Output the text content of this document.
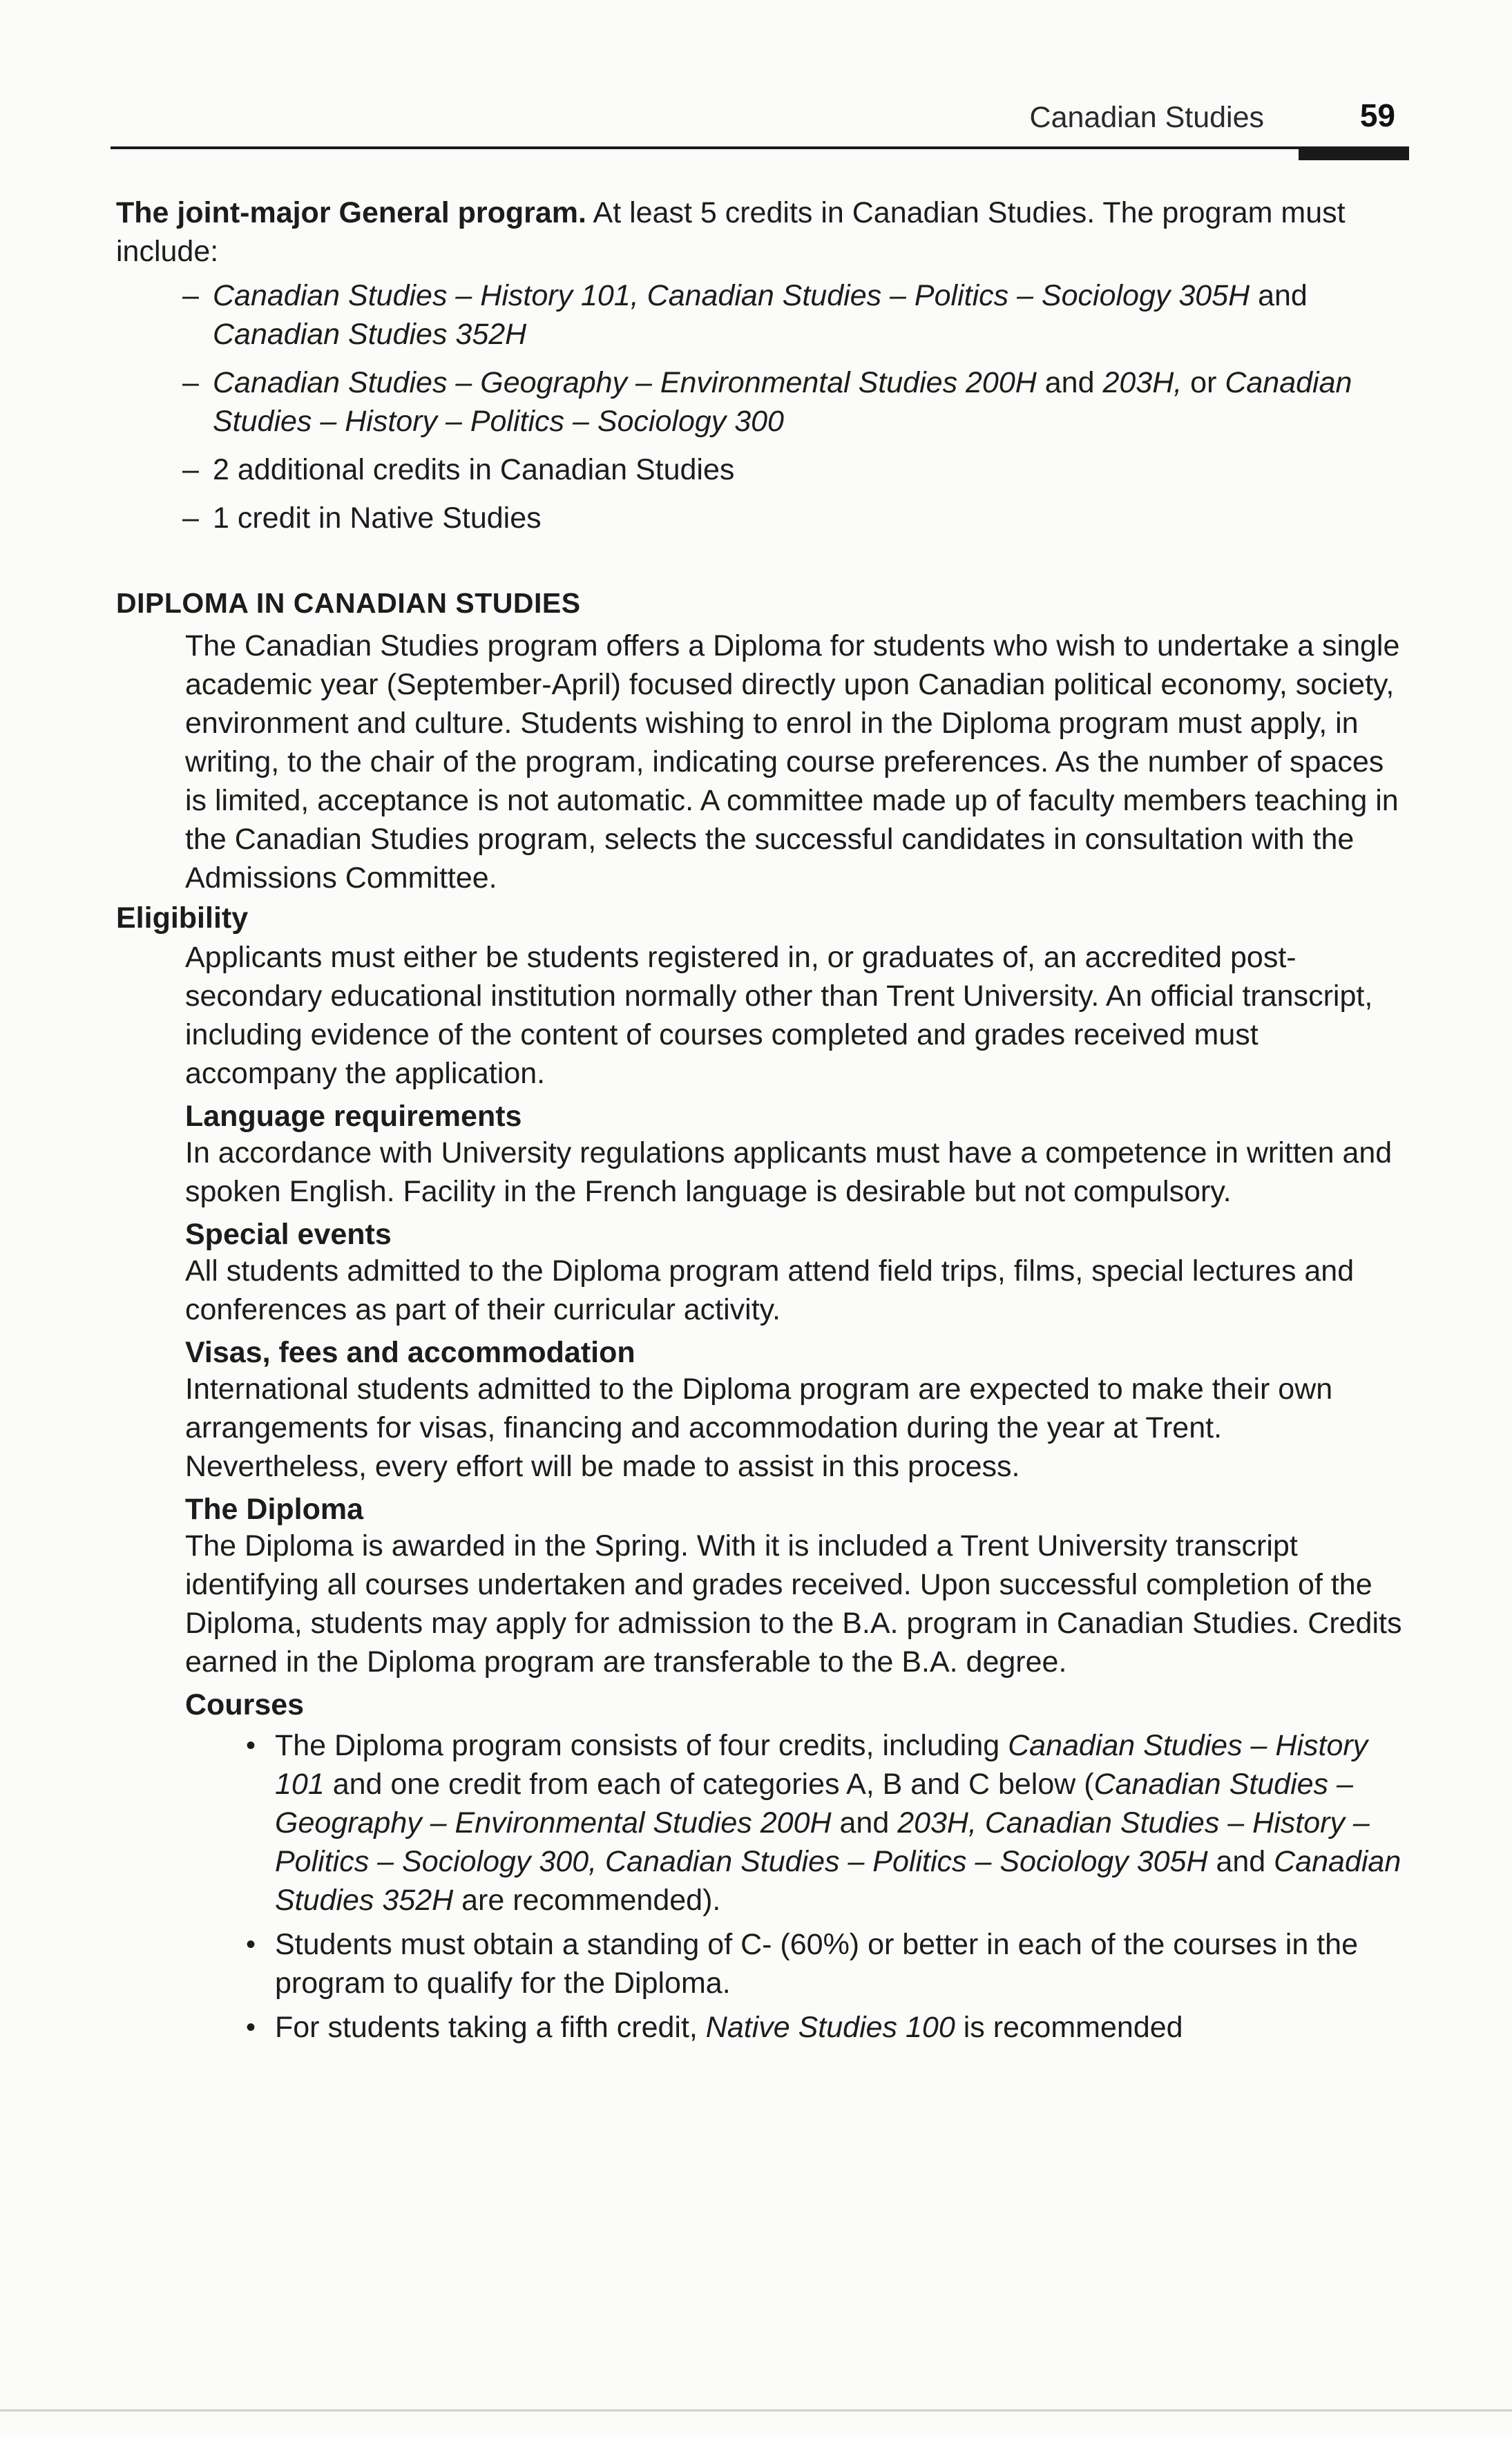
Canadian Studies	59

The joint-major General program. At least 5 credits in Canadian Studies. The program must include:

– Canadian Studies – History 101, Canadian Studies – Politics – Sociology 305H and Canadian Studies 352H
– Canadian Studies – Geography – Environmental Studies 200H and 203H, or Canadian Studies – History – Politics – Sociology 300
– 2 additional credits in Canadian Studies
– 1 credit in Native Studies
DIPLOMA IN CANADIAN STUDIES

The Canadian Studies program offers a Diploma for students who wish to undertake a single academic year (September-April) focused directly upon Canadian political economy, society, environment and culture. Students wishing to enrol in the Diploma program must apply, in writing, to the chair of the program, indicating course preferences. As the number of spaces is limited, acceptance is not automatic. A committee made up of faculty members teaching in the Canadian Studies program, selects the successful candidates in consultation with the Admissions Committee.

Eligibility

Applicants must either be students registered in, or graduates of, an accredited post-secondary educational institution normally other than Trent University. An official transcript, including evidence of the content of courses completed and grades received must accompany the application.

Language requirements

In accordance with University regulations applicants must have a competence in written and spoken English. Facility in the French language is desirable but not compulsory.

Special events

All students admitted to the Diploma program attend field trips, films, special lectures and conferences as part of their curricular activity.

Visas, fees and accommodation

International students admitted to the Diploma program are expected to make their own arrangements for visas, financing and accommodation during the year at Trent. Nevertheless, every effort will be made to assist in this process.

The Diploma

The Diploma is awarded in the Spring. With it is included a Trent University transcript identifying all courses undertaken and grades received. Upon successful completion of the Diploma, students may apply for admission to the B.A. program in Canadian Studies. Credits earned in the Diploma program are transferable to the B.A. degree.

Courses
• The Diploma program consists of four credits, including Canadian Studies – History 101 and one credit from each of categories A, B and C below (Canadian Studies – Geography – Environmental Studies 200H and 203H, Canadian Studies – History – Politics – Sociology 300, Canadian Studies – Politics – Sociology 305H and Canadian Studies 352H are recommended).
• Students must obtain a standing of C- (60%) or better in each of the courses in the program to qualify for the Diploma.
• For students taking a fifth credit, Native Studies 100 is recommended
